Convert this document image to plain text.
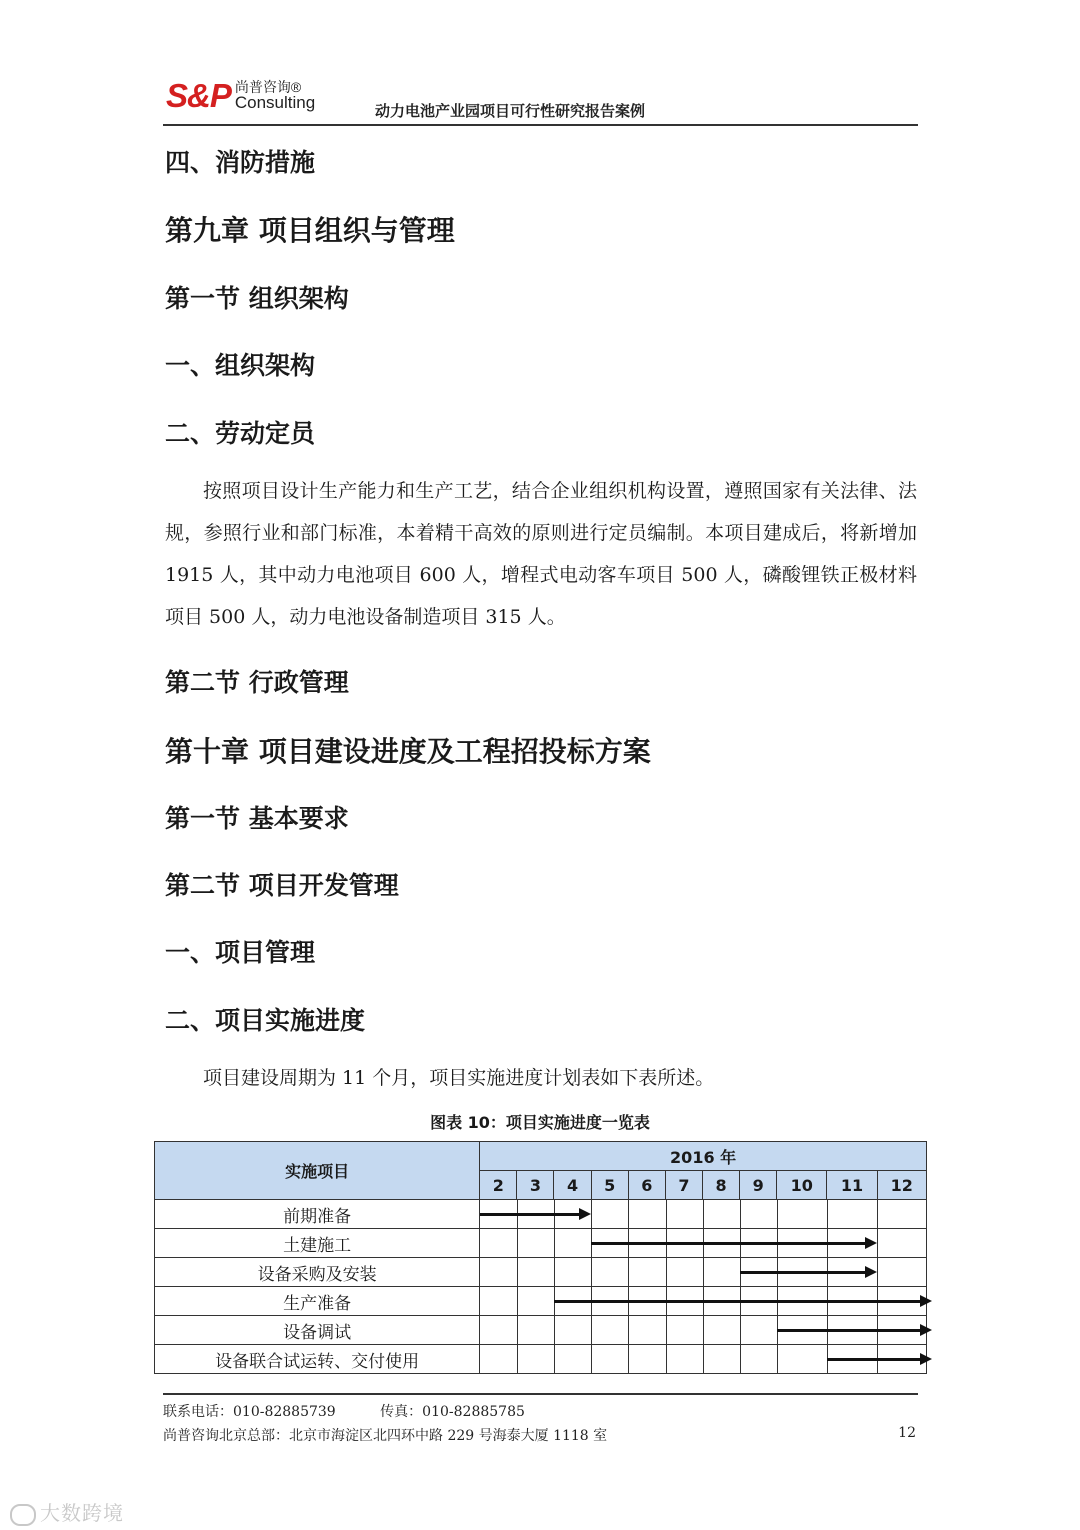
S&P 尚普咨询®
Consulting	动力电池产业园项目可行性研究报告案例
四、消防措施
第九章 项目组织与管理
第一节 组织架构
一、组织架构
二、劳动定员

按照项目设计生产能力和生产工艺，结合企业组织机构设置，遵照国家有关法律、法规，参照行业和部门标准，本着精干高效的原则进行定员编制。本项目建成后，将新增加 1915 人，其中动力电池项目 600 人，增程式电动客车项目 500 人，磷酸锂铁正极材料项目 500 人，动力电池设备制造项目 315 人。

第二节 行政管理
第十章 项目建设进度及工程招投标方案
第一节 基本要求
第二节 项目开发管理
一、项目管理
二、项目实施进度

项目建设周期为 11 个月，项目实施进度计划表如下表所述。

图表 10：项目实施进度一览表
实施项目	2016 年										
	2	3	4	5	6	7	8	9	10	11	12
前期准备											

土建施工											

设备采购及安装											

生产准备											

设备调试											

设备联合试运转、交付使用											
联系电话：010-82885739	传真：010-82885785
尚普咨询北京总部：北京市海淀区北四环中路 229 号海泰大厦 1118 室	12
大数跨境
